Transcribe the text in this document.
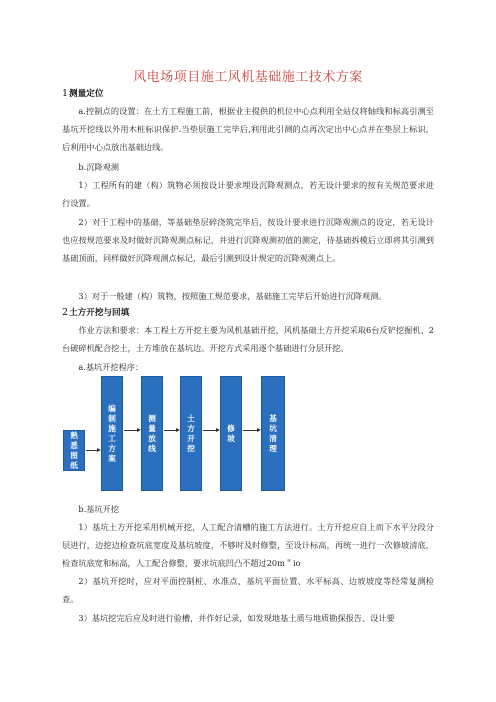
风电场项目施工风机基础施工技术方案
1测量定位
a.控制点的设置：在土方工程施工前，根据业主提供的机位中心点利用全站仪将轴线和标高引测至基坑开挖线以外用木桩标识保护.当垫层施工完毕后,利用此引测的点再次定出中心点并在垫层上标识，后利用中心点放出基础边线。
b.沉降观测
1）工程所有的建（构）筑物必须按设计要求埋设沉降观测点，若无设计要求的按有关规范要求进行设置。
2）对于工程中的基础，等基础垫层碎浇筑完毕后，按设计要求进行沉降观测点的设定，若无设计也应按规范要求及时做好沉降观测点标记，并进行沉降观测初值的测定，待基础拆模后立即将其引测到基础顶面，同样做好沉降观测点标记，最后引测到设计规定的沉降观测点上。
3）对于一般建（构）筑物，按照施工规范要求，基础施工完毕后开始进行沉降观测。
2土方开挖与回填
作业方法和要求：本工程土方开挖主要为风机基础开挖，风机基础土方开挖采取6台反铲挖掘机、2台破碎机配合挖土，土方堆放在基坑边。开挖方式采用逐个基础进行分层开挖。
a.基坑开挖程序：
熟悉图纸
编制施工方案
测量放线
土方开挖
修坡
基坑清理
b.基坑开挖
1）基坑土方开挖采用机械开挖，人工配合清槽的施工方法进行。土方开挖应自上而下水平分段分层进行，边挖边检查坑底宽度及基坑坡度，不够时及时修整，至设计标高，再统一进行一次修坡清底，检查坑底宽和标高，人工配合修整，要求坑底凹凸不超过20m＂io
2）基坑开挖时，应对平面控制桩、水准点、基坑平面位置、水平标高、边坡坡度等经常复测检查。
3）基坑挖完后应及时进行验槽，并作好记录，如发现地基土质与地质勘探报告、设计要
